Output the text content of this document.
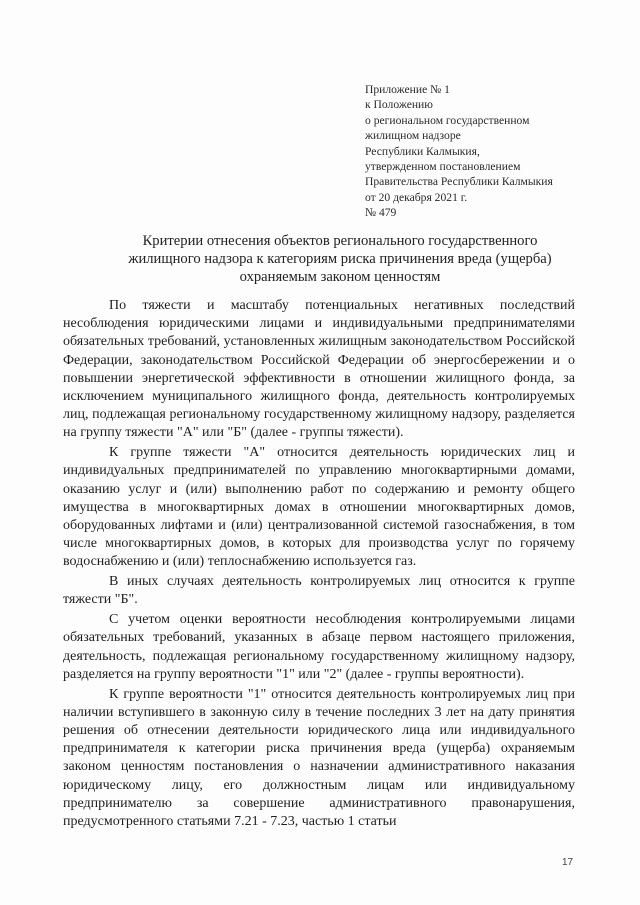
Приложение № 1
к Положению
о региональном государственном
жилищном надзоре
Республики Калмыкия,
утвержденном постановлением
Правительства Республики Калмыкия
от 20 декабря 2021 г.
№ 479
Критерии отнесения объектов регионального государственного
жилищного надзора к категориям риска причинения вреда (ущерба)
охраняемым законом ценностям

По тяжести и масштабу потенциальных негативных последствий несоблюдения юридическими лицами и индивидуальными предпринимателями обязательных требований, установленных жилищным законодательством Российской Федерации, законодательством Российской Федерации об энергосбережении и о повышении энергетической эффективности в отношении жилищного фонда, за исключением муниципального жилищного фонда, деятельность контролируемых лиц, подлежащая региональному государственному жилищному надзору, разделяется на группу тяжести "А" или "Б" (далее - группы тяжести).

К группе тяжести "А" относится деятельность юридических лиц и индивидуальных предпринимателей по управлению многоквартирными домами, оказанию услуг и (или) выполнению работ по содержанию и ремонту общего имущества в многоквартирных домах в отношении многоквартирных домов, оборудованных лифтами и (или) централизованной системой газоснабжения, в том числе многоквартирных домов, в которых для производства услуг по горячему водоснабжению и (или) теплоснабжению используется газ.

В иных случаях деятельность контролируемых лиц относится к группе тяжести "Б".

С учетом оценки вероятности несоблюдения контролируемыми лицами обязательных требований, указанных в абзаце первом настоящего приложения, деятельность, подлежащая региональному государственному жилищному надзору, разделяется на группу вероятности "1" или "2" (далее - группы вероятности).

К группе вероятности "1" относится деятельность контролируемых лиц при наличии вступившего в законную силу в течение последних 3 лет на дату принятия решения об отнесении деятельности юридического лица или индивидуального предпринимателя к категории риска причинения вреда (ущерба) охраняемым законом ценностям постановления о назначении административного наказания юридическому лицу, его должностным лицам или индивидуальному предпринимателю за совершение административного правонарушения, предусмотренного статьями 7.21 - 7.23, частью 1 статьи

17
